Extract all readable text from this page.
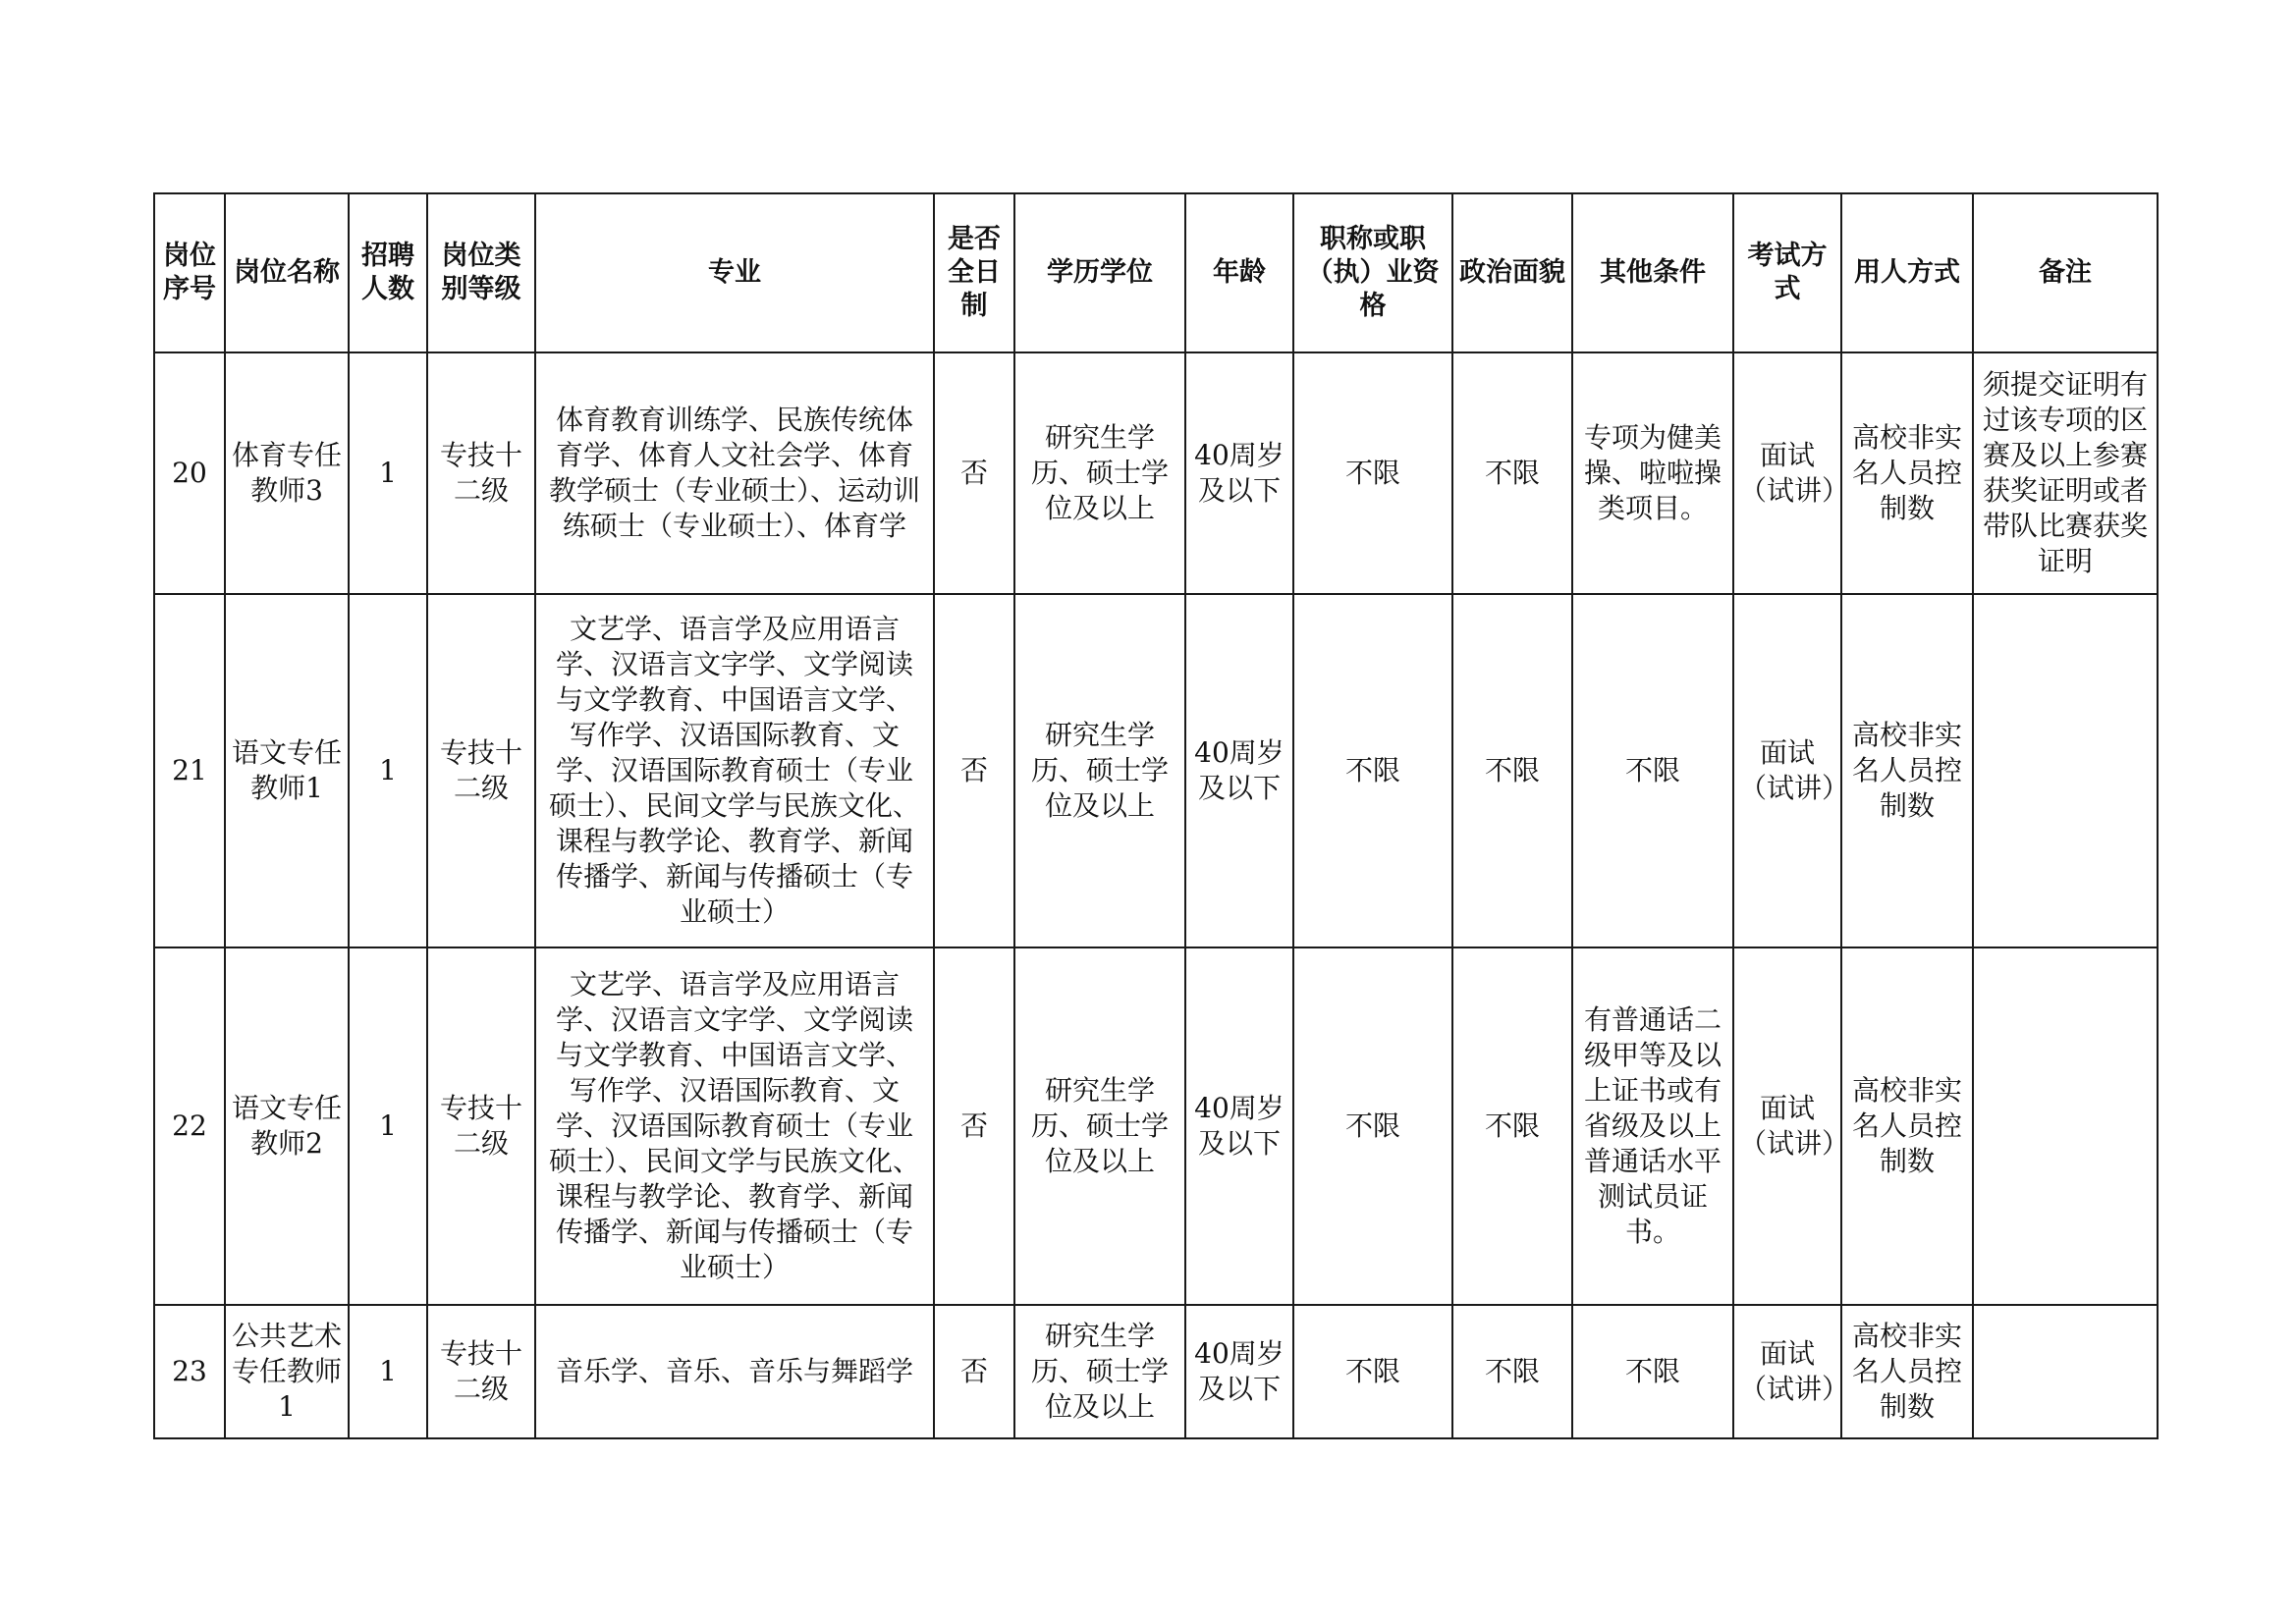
岗位序号	岗位名称	招聘人数	岗位类别等级	专业	是否全日制	学历学位	年龄	职称或职（执）业资格	政治面貌	其他条件	考试方式	用人方式	备注
20	体育专任教师3	1	专技十二级	体育教育训练学、民族传统体育学、体育人文社会学、体育教学硕士（专业硕士）、运动训练硕士（专业硕士）、体育学	否	研究生学历、硕士学位及以上	40周岁及以下	不限	不限	专项为健美操、啦啦操类项目。	面试（试讲）	高校非实名人员控制数	须提交证明有过该专项的区赛及以上参赛获奖证明或者带队比赛获奖证明
21	语文专任教师1	1	专技十二级	文艺学、语言学及应用语言学、汉语言文字学、文学阅读与文学教育、中国语言文学、写作学、汉语国际教育、文学、汉语国际教育硕士（专业硕士）、民间文学与民族文化、课程与教学论、教育学、新闻传播学、新闻与传播硕士（专业硕士）	否	研究生学历、硕士学位及以上	40周岁及以下	不限	不限	不限	面试（试讲）	高校非实名人员控制数	
22	语文专任教师2	1	专技十二级	文艺学、语言学及应用语言学、汉语言文字学、文学阅读与文学教育、中国语言文学、写作学、汉语国际教育、文学、汉语国际教育硕士（专业硕士）、民间文学与民族文化、课程与教学论、教育学、新闻传播学、新闻与传播硕士（专业硕士）	否	研究生学历、硕士学位及以上	40周岁及以下	不限	不限	有普通话二级甲等及以上证书或有省级及以上普通话水平测试员证书。	面试（试讲）	高校非实名人员控制数	
23	公共艺术专任教师1	1	专技十二级	音乐学、音乐、音乐与舞蹈学	否	研究生学历、硕士学位及以上	40周岁及以下	不限	不限	不限	面试（试讲）	高校非实名人员控制数	
